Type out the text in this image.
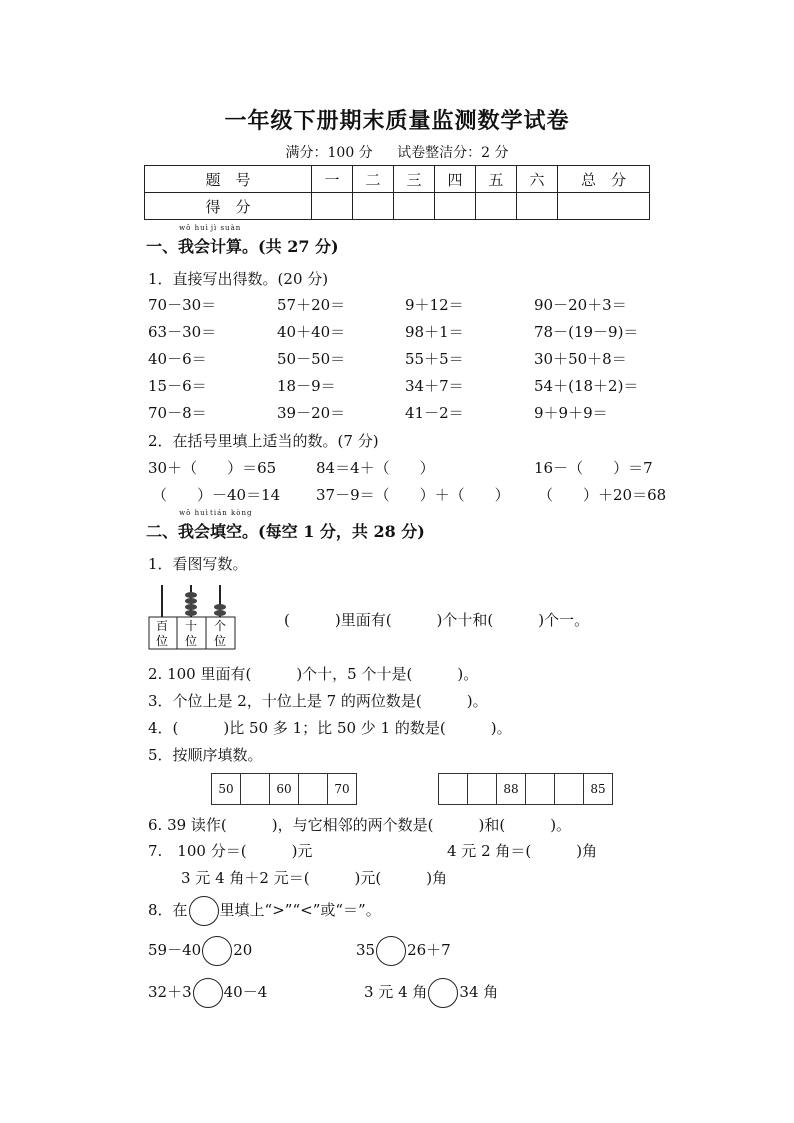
一年级下册期末质量监测数学试卷
满分：100 分 试卷整洁分：2 分
题　号	一	二	三	四	五	六	总　分
得　分							
一、
wǒ huì
我会
jì suàn
计算。(共 27 分)
1．直接写出得数。(20 分)
2．在括号里填上适当的数。(7 分)
二、
wǒ huì
我会
tián kòng
填空。(每空 1 分，共 28 分)
1．看图写数。
百
位
十
位
个
位
(　　　)里面有(　　　)个十和(　　　)个一。
2. 100 里面有(　　　)个十，5 个十是(　　　)。
3．个位上是 2，十位上是 7 的两位数是(　　　)。
4．(　　　)比 50 多 1；比 50 少 1 的数是(　　　)。
5．按顺序填数。
50	60	70	88	85
6. 39 读作(　　　)，与它相邻的两个数是(　　　)和(　　　)。
7.　100 分＝(　　　)元	4 元 2 角＝(　　　)角
3 元 4 角＋2 元＝(　　　)元(　　　)角
8．在 里填上“>”“<”或“＝”。
59－40 20	35 26＋7
32＋3 40－4	3 元 4 角 34 角
70－30＝	57＋20＝	9＋12＝	90－20＋3＝
63－30＝	40＋40＝	98＋1＝	78－(19－9)＝
40－6＝	50－50＝	55＋5＝	30＋50＋8＝
15－6＝	18－9＝	34＋7＝	54＋(18＋2)＝
70－8＝	39－20＝	41－2＝	9＋9＋9＝
30＋（　　）＝65	84＝4＋（　　）	16－（　　）＝7
（　　）－40＝14 37－9＝（　　）＋（　　） （　　）＋20＝68
